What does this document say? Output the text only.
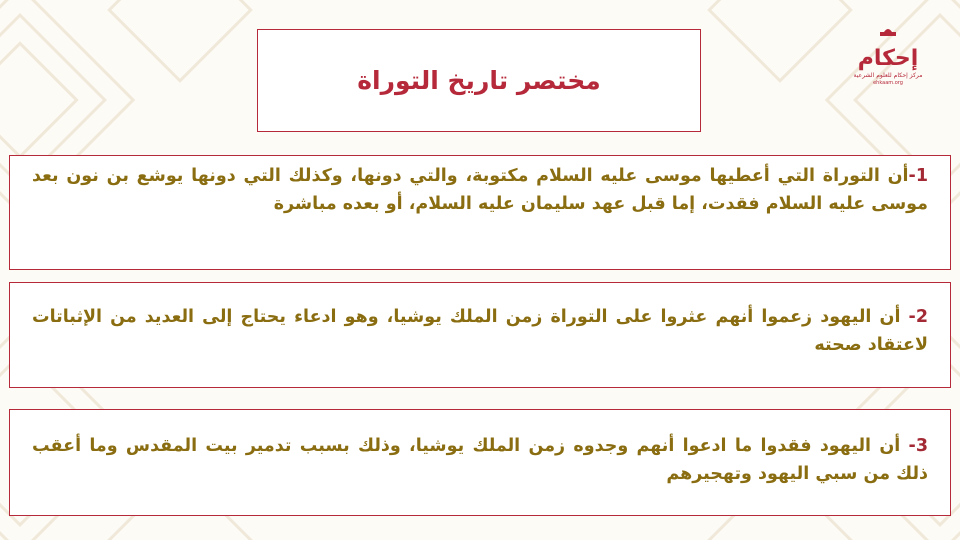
مختصر تاريخ التوراة
إحكام
مركز إحكام للعلوم الشرعية
ehkaam.org
1-أن التوراة التي أعطيها موسى عليه السلام مكتوبة، والتي دونها، وكذلك التي دونها يوشع بن نون بعد موسى عليه السلام فقدت، إما قبل عهد سليمان عليه السلام، أو بعده مباشرة
2- أن اليهود زعموا أنهم عثروا على التوراة زمن الملك يوشيا، وهو ادعاء يحتاج إلى العديد من الإثباتات لاعتقاد صحته
3- أن اليهود فقدوا ما ادعوا أنهم وجدوه زمن الملك يوشيا، وذلك بسبب تدمير بيت المقدس وما أعقب ذلك من سبي اليهود وتهجيرهم
